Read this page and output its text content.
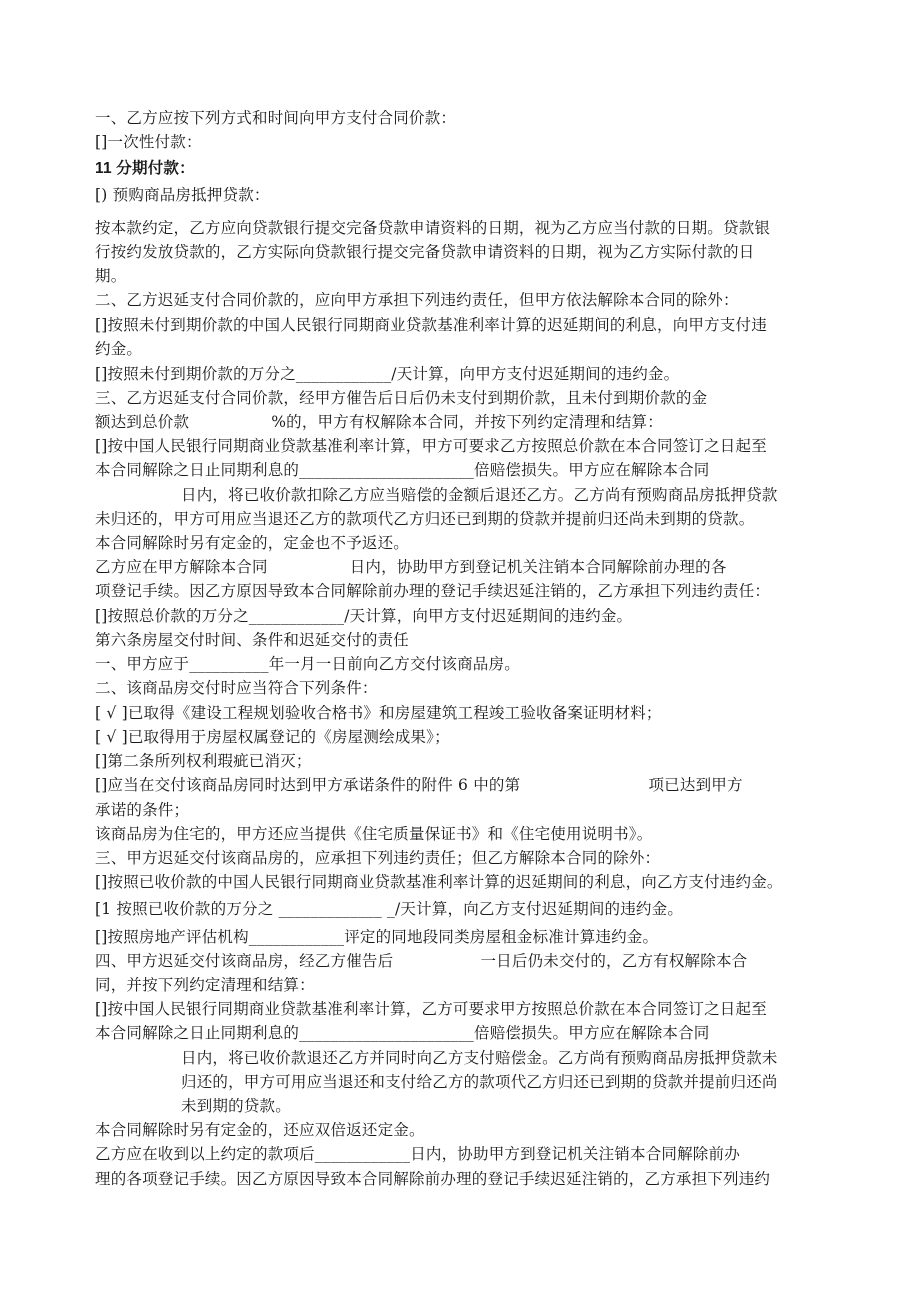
一、乙方应按下列方式和时间向甲方支付合同价款：
[]一次性付款：
11 分期付款：
[) 预购商品房抵押贷款：
按本款约定，乙方应向贷款银行提交完备贷款申请资料的日期，视为乙方应当付款的日期。贷款银
行按约发放贷款的，乙方实际向贷款银行提交完备贷款申请资料的日期，视为乙方实际付款的日
期。
二、乙方迟延支付合同价款的，应向甲方承担下列违约责任，但甲方依法解除本合同的除外：
[]按照未付到期价款的中国人民银行同期商业贷款基准利率计算的迟延期间的利息，向甲方支付违
约金。
[]按照未付到期价款的万分之____________/天计算，向甲方支付迟延期间的违约金。
三、乙方迟延支付合同价款，经甲方催告后日后仍未支付到期价款，且未付到期价款的金
额达到总价款                %的，甲方有权解除本合同，并按下列约定清理和结算：
[]按中国人民银行同期商业贷款基准利率计算，甲方可要求乙方按照总价款在本合同签订之日起至
本合同解除之日止同期利息的______________________倍赔偿损失。甲方应在解除本合同
日内，将已收价款扣除乙方应当赔偿的金额后退还乙方。乙方尚有预购商品房抵押贷款
未归还的，甲方可用应当退还乙方的款项代乙方归还已到期的贷款并提前归还尚未到期的贷款。
本合同解除时另有定金的，定金也不予返还。
乙方应在甲方解除本合同                日内，协助甲方到登记机关注销本合同解除前办理的各
项登记手续。因乙方原因导致本合同解除前办理的登记手续迟延注销的，乙方承担下列违约责任：
[]按照总价款的万分之____________/天计算，向甲方支付迟延期间的违约金。
第六条房屋交付时间、条件和迟延交付的责任
一、甲方应于__________年一月一日前向乙方交付该商品房。
二、该商品房交付时应当符合下列条件：
[ √ ]已取得《建设工程规划验收合格书》和房屋建筑工程竣工验收备案证明材料；
[ √ ]已取得用于房屋权属登记的《房屋测绘成果》；
[]第二条所列权利瑕疵已消灭；
[]应当在交付该商品房同时达到甲方承诺条件的附件 6 中的第                         项已达到甲方
承诺的条件；
该商品房为住宅的，甲方还应当提供《住宅质量保证书》和《住宅使用说明书》。
三、甲方迟延交付该商品房的，应承担下列违约责任；但乙方解除本合同的除外：
[]按照已收价款的中国人民银行同期商业贷款基准利率计算的迟延期间的利息，向乙方支付违约金。
[1 按照已收价款的万分之 _____________ _/天计算，向乙方支付迟延期间的违约金。
[]按照房地产评估机构____________评定的同地段同类房屋租金标准计算违约金。
四、甲方迟延交付该商品房，经乙方催告后                 一日后仍未交付的，乙方有权解除本合
同，并按下列约定清理和结算：
[]按中国人民银行同期商业贷款基准利率计算，乙方可要求甲方按照总价款在本合同签订之日起至
本合同解除之日止同期利息的______________________倍赔偿损失。甲方应在解除本合同
日内，将已收价款退还乙方并同时向乙方支付赔偿金。乙方尚有预购商品房抵押贷款未
归还的，甲方可用应当退还和支付给乙方的款项代乙方归还已到期的贷款并提前归还尚
未到期的贷款。
本合同解除时另有定金的，还应双倍返还定金。
乙方应在收到以上约定的款项后____________日内，协助甲方到登记机关注销本合同解除前办
理的各项登记手续。因乙方原因导致本合同解除前办理的登记手续迟延注销的，乙方承担下列违约
